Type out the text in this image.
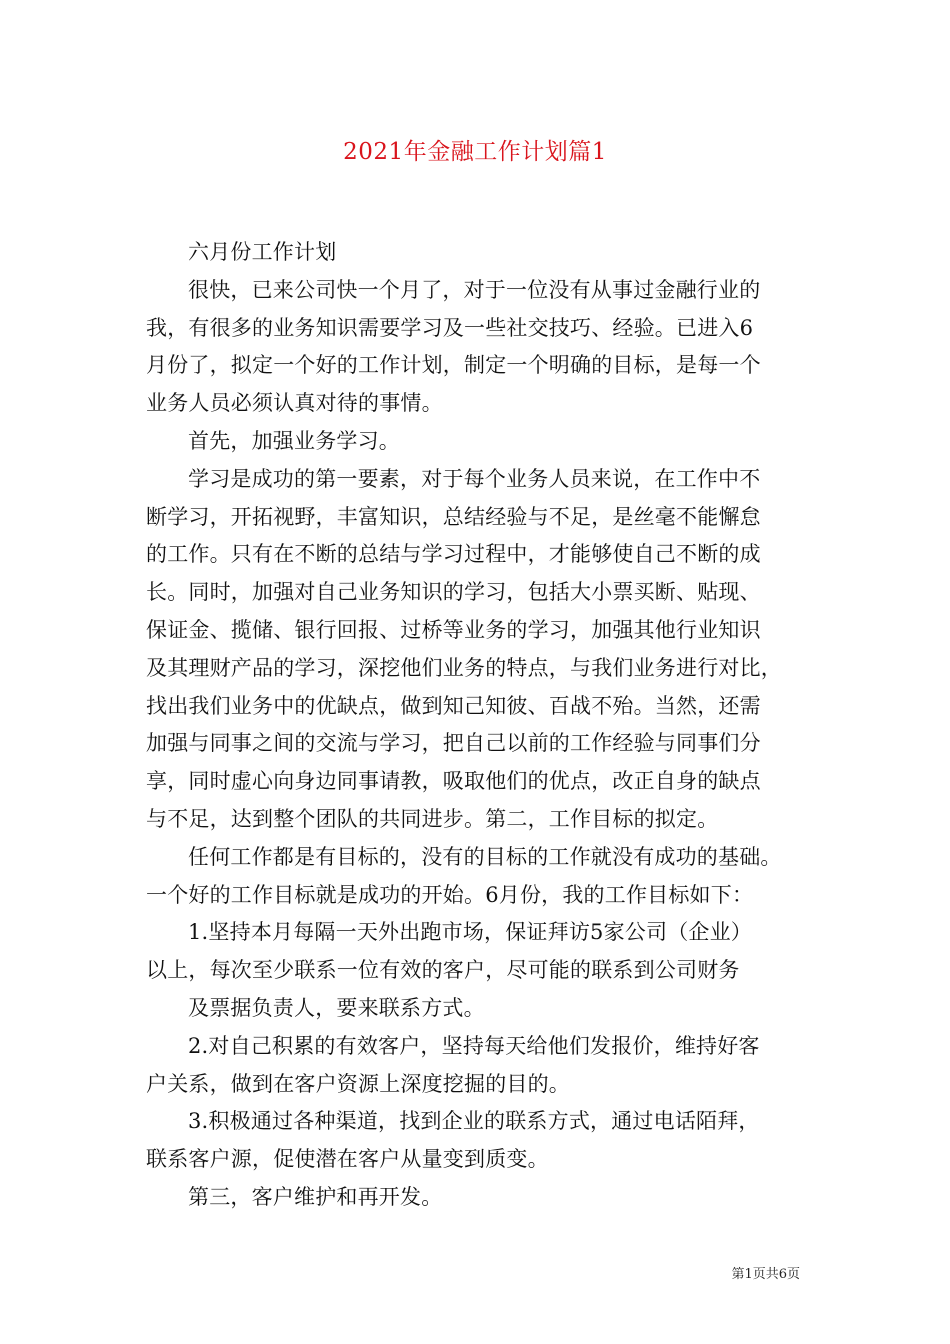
2021年金融工作计划篇1
六月份工作计划
很快，已来公司快一个月了，对于一位没有从事过金融行业的
我，有很多的业务知识需要学习及一些社交技巧、经验。已进入6
月份了，拟定一个好的工作计划，制定一个明确的目标，是每一个
业务人员必须认真对待的事情。
首先，加强业务学习。
学习是成功的第一要素，对于每个业务人员来说，在工作中不
断学习，开拓视野，丰富知识，总结经验与不足，是丝毫不能懈怠
的工作。只有在不断的总结与学习过程中，才能够使自己不断的成
长。同时，加强对自己业务知识的学习，包括大小票买断、贴现、
保证金、揽储、银行回报、过桥等业务的学习，加强其他行业知识
及其理财产品的学习，深挖他们业务的特点，与我们业务进行对比，
找出我们业务中的优缺点，做到知己知彼、百战不殆。当然，还需
加强与同事之间的交流与学习，把自己以前的工作经验与同事们分
享，同时虚心向身边同事请教，吸取他们的优点，改正自身的缺点
与不足，达到整个团队的共同进步。第二，工作目标的拟定。
任何工作都是有目标的，没有的目标的工作就没有成功的基础。
一个好的工作目标就是成功的开始。6月份，我的工作目标如下：
1.坚持本月每隔一天外出跑市场，保证拜访5家公司（企业）
以上，每次至少联系一位有效的客户，尽可能的联系到公司财务
及票据负责人，要来联系方式。
2.对自己积累的有效客户，坚持每天给他们发报价，维持好客
户关系，做到在客户资源上深度挖掘的目的。
3.积极通过各种渠道，找到企业的联系方式，通过电话陌拜，
联系客户源，促使潜在客户从量变到质变。
第三，客户维护和再开发。
第1页共6页
